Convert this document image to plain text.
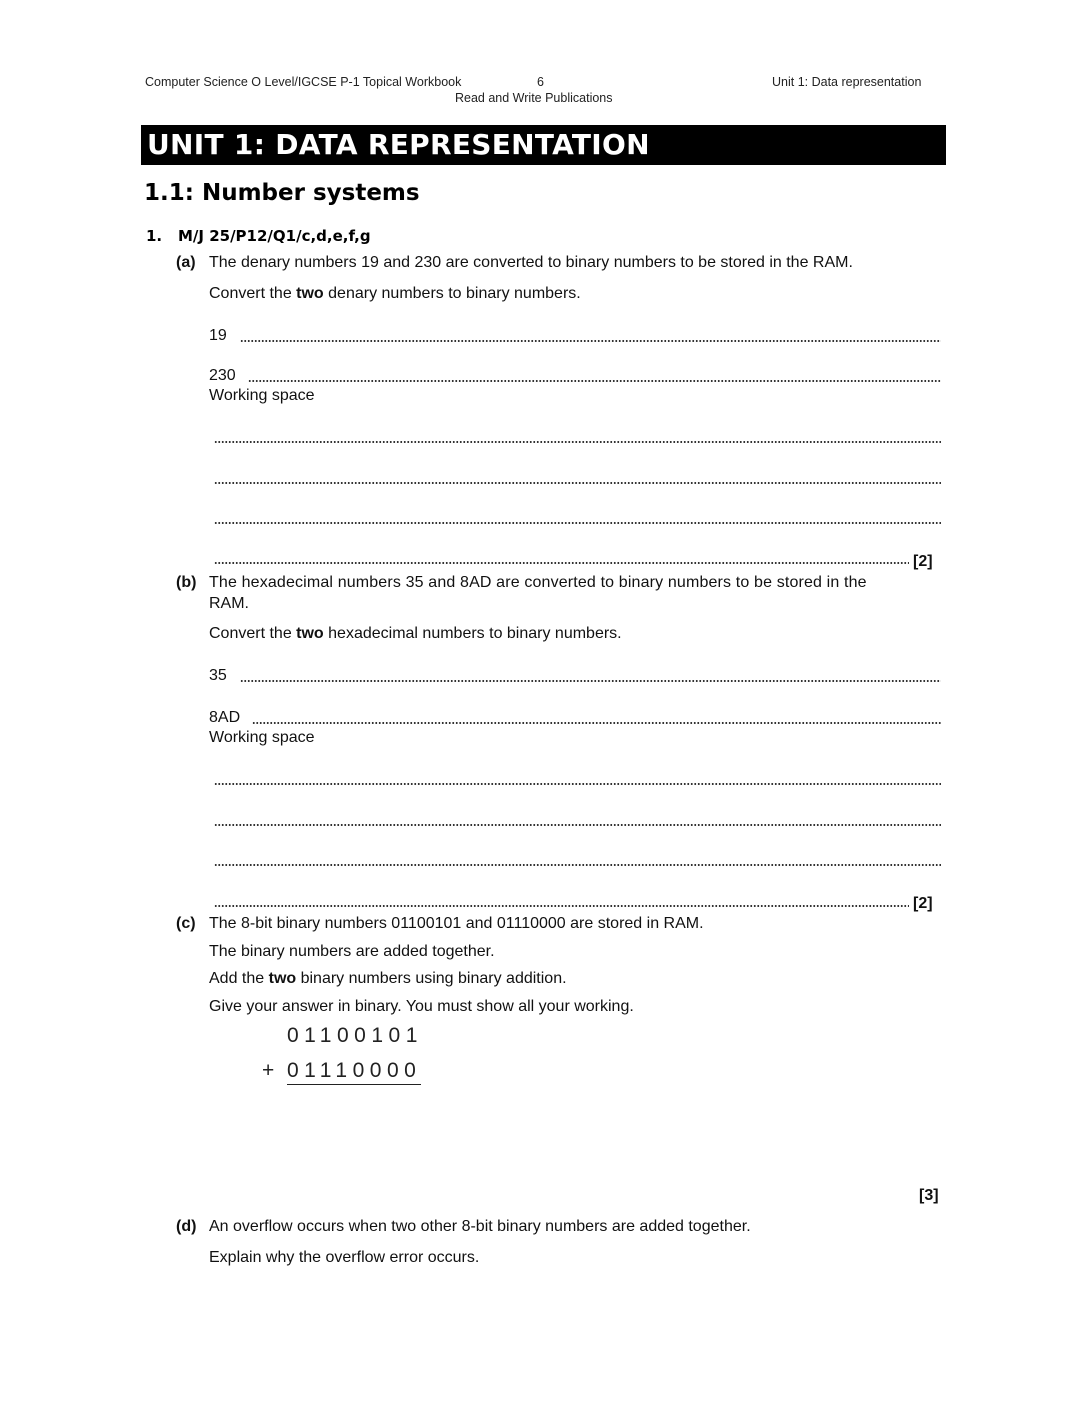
Computer Science O Level/IGCSE P-1 Topical Workbook	6	Unit 1: Data representation
Read and Write Publications
UNIT 1: DATA REPRESENTATION
1.1: Number systems
1. M/J 25/P12/Q1/c,d,e,f,g
(a) The denary numbers 19 and 230 are converted to binary numbers to be stored in the RAM.
Convert the two denary numbers to binary numbers.
19
230
Working space
[2]
(b) The hexadecimal numbers 35 and 8AD are converted to binary numbers to be stored in the
RAM.
Convert the two hexadecimal numbers to binary numbers.
35
8AD
Working space
[2]
(c) The 8-bit binary numbers 01100101 and 01110000 are stored in RAM.
The binary numbers are added together.
Add the two binary numbers using binary addition.
Give your answer in binary. You must show all your working.
01100101
+ 01110000
[3]
(d) An overflow occurs when two other 8-bit binary numbers are added together.
Explain why the overflow error occurs.
